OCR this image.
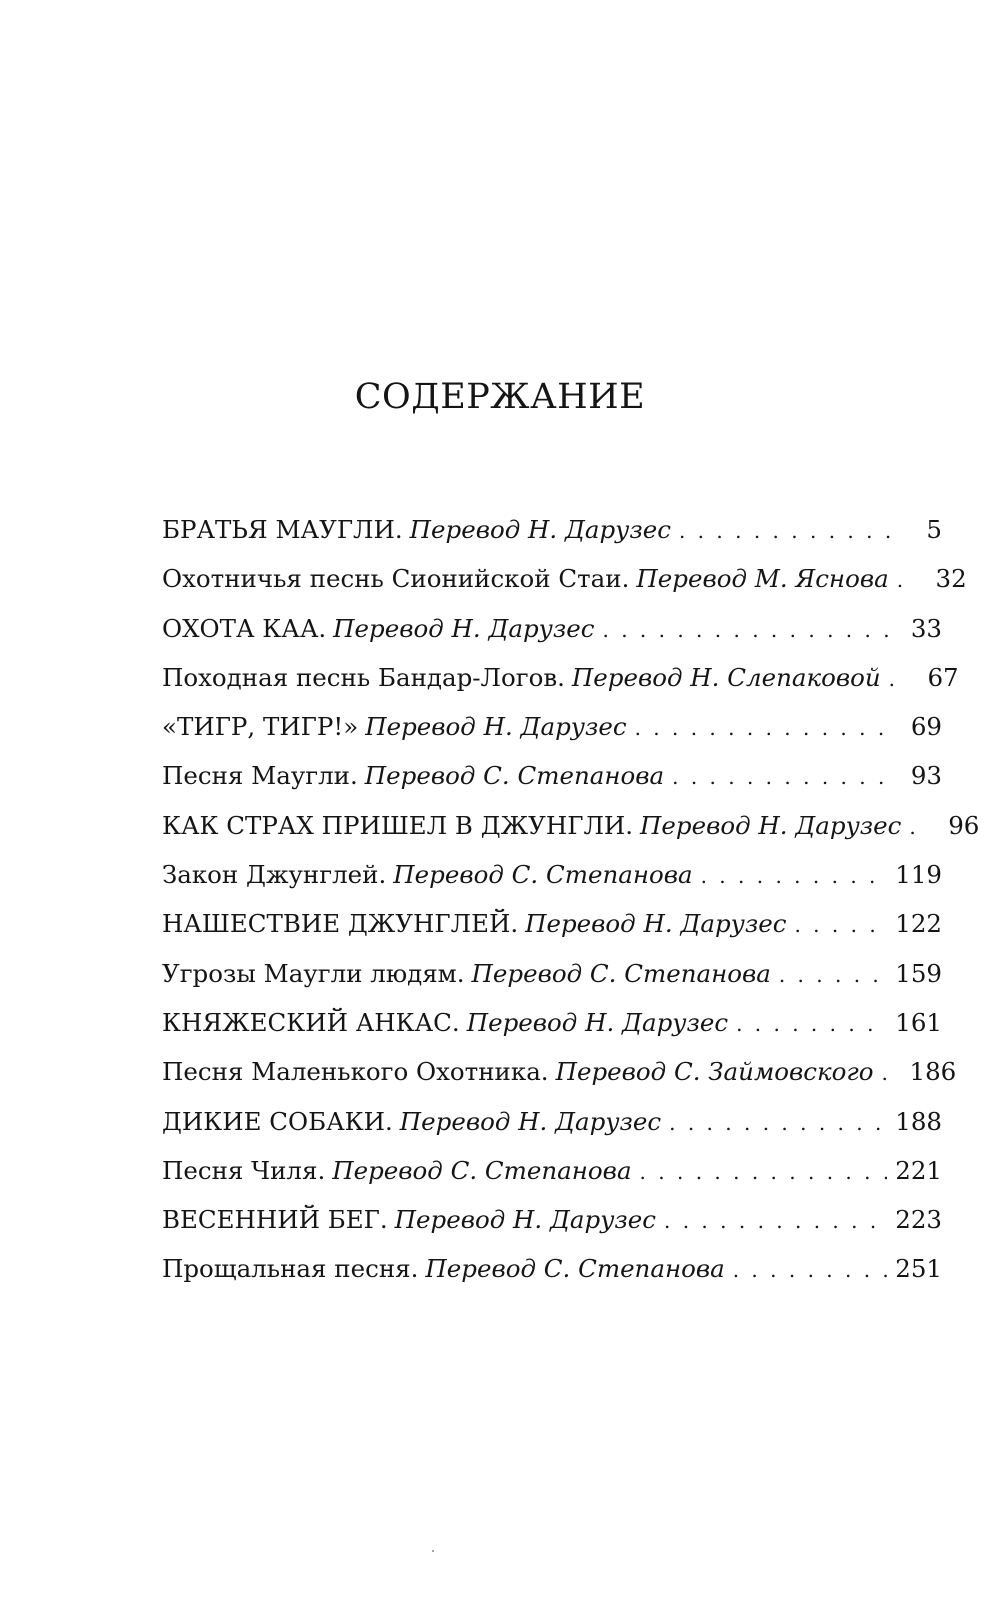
СОДЕРЖАНИЕ
БРАТЬЯ МАУГЛИ. Перевод Н. Дарузес . . .	5
Охотничья песнь Сионийской Стаи. Перевод М. Яснова . . .	32
ОХОТА КАА. Перевод Н. Дарузес . . .	33
Походная песнь Бандар-Логов. Перевод Н. Слепаковой . . .	67
«ТИГР, ТИГР!» Перевод Н. Дарузес . . .	69
Песня Маугли. Перевод С. Степанова . . .	93
КАК СТРАХ ПРИШЕЛ В ДЖУНГЛИ. Перевод Н. Дарузес . . .	96
Закон Джунглей. Перевод С. Степанова . . .	119
НАШЕСТВИЕ ДЖУНГЛЕЙ. Перевод Н. Дарузес . . .	122
Угрозы Маугли людям. Перевод С. Степанова . . .	159
КНЯЖЕСКИЙ АНКАС. Перевод Н. Дарузес . . .	161
Песня Маленького Охотника. Перевод С. Займовского . . . 186
ДИКИЕ СОБАКИ. Перевод Н. Дарузес . . .	188
Песня Чиля. Перевод С. Степанова . . .	221
ВЕСЕННИЙ БЕГ. Перевод Н. Дарузес . . .	223
Прощальная песня. Перевод С. Степанова . . .	251
